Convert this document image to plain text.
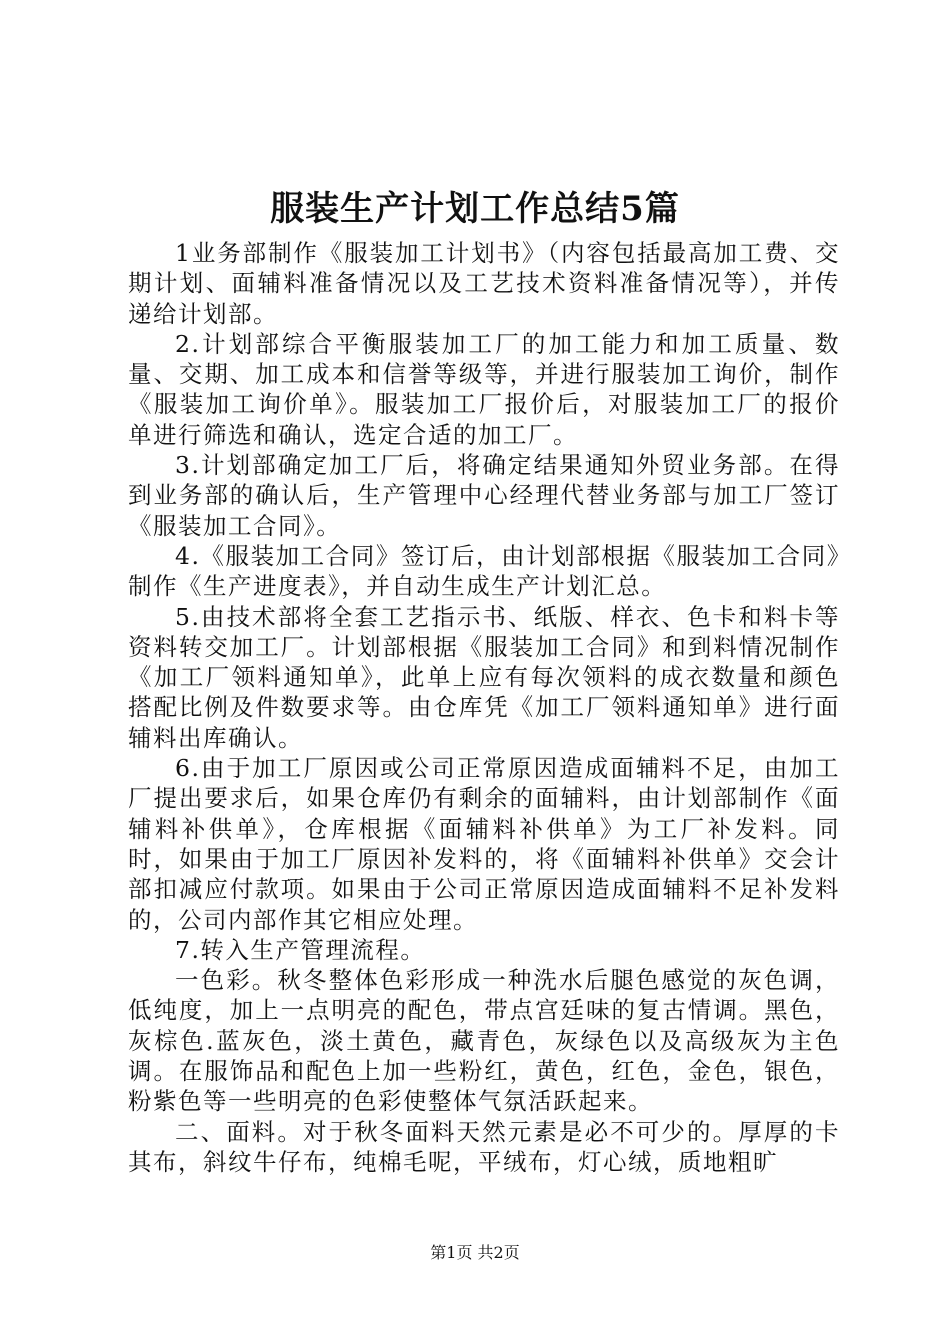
服装生产计划工作总结5篇

1业务部制作《服装加工计划书》（内容包括最高加工费、交期计划、面辅料准备情况以及工艺技术资料准备情况等），并传递给计划部。

2.计划部综合平衡服装加工厂的加工能力和加工质量、数量、交期、加工成本和信誉等级等，并进行服装加工询价，制作《服装加工询价单》。服装加工厂报价后，对服装加工厂的报价单进行筛选和确认，选定合适的加工厂。

3.计划部确定加工厂后，将确定结果通知外贸业务部。在得到业务部的确认后，生产管理中心经理代替业务部与加工厂签订《服装加工合同》。

4.《服装加工合同》签订后，由计划部根据《服装加工合同》制作《生产进度表》，并自动生成生产计划汇总。

5.由技术部将全套工艺指示书、纸版、样衣、色卡和料卡等资料转交加工厂。计划部根据《服装加工合同》和到料情况制作《加工厂领料通知单》，此单上应有每次领料的成衣数量和颜色搭配比例及件数要求等。由仓库凭《加工厂领料通知单》进行面辅料出库确认。

6.由于加工厂原因或公司正常原因造成面辅料不足，由加工厂提出要求后，如果仓库仍有剩余的面辅料，由计划部制作《面辅料补供单》，仓库根据《面辅料补供单》为工厂补发料。同时，如果由于加工厂原因补发料的，将《面辅料补供单》交会计部扣减应付款项。如果由于公司正常原因造成面辅料不足补发料的，公司内部作其它相应处理。

7.转入生产管理流程。

一色彩。秋冬整体色彩形成一种洗水后腿色感觉的灰色调，低纯度，加上一点明亮的配色，带点宫廷味的复古情调。黑色，灰棕色.蓝灰色，淡土黄色，藏青色，灰绿色以及高级灰为主色调。在服饰品和配色上加一些粉红，黄色，红色，金色，银色，粉紫色等一些明亮的色彩使整体气氛活跃起来。

二、面料。对于秋冬面料天然元素是必不可少的。厚厚的卡其布，斜纹牛仔布，纯棉毛呢，平绒布，灯心绒，质地粗旷

第1页 共2页
